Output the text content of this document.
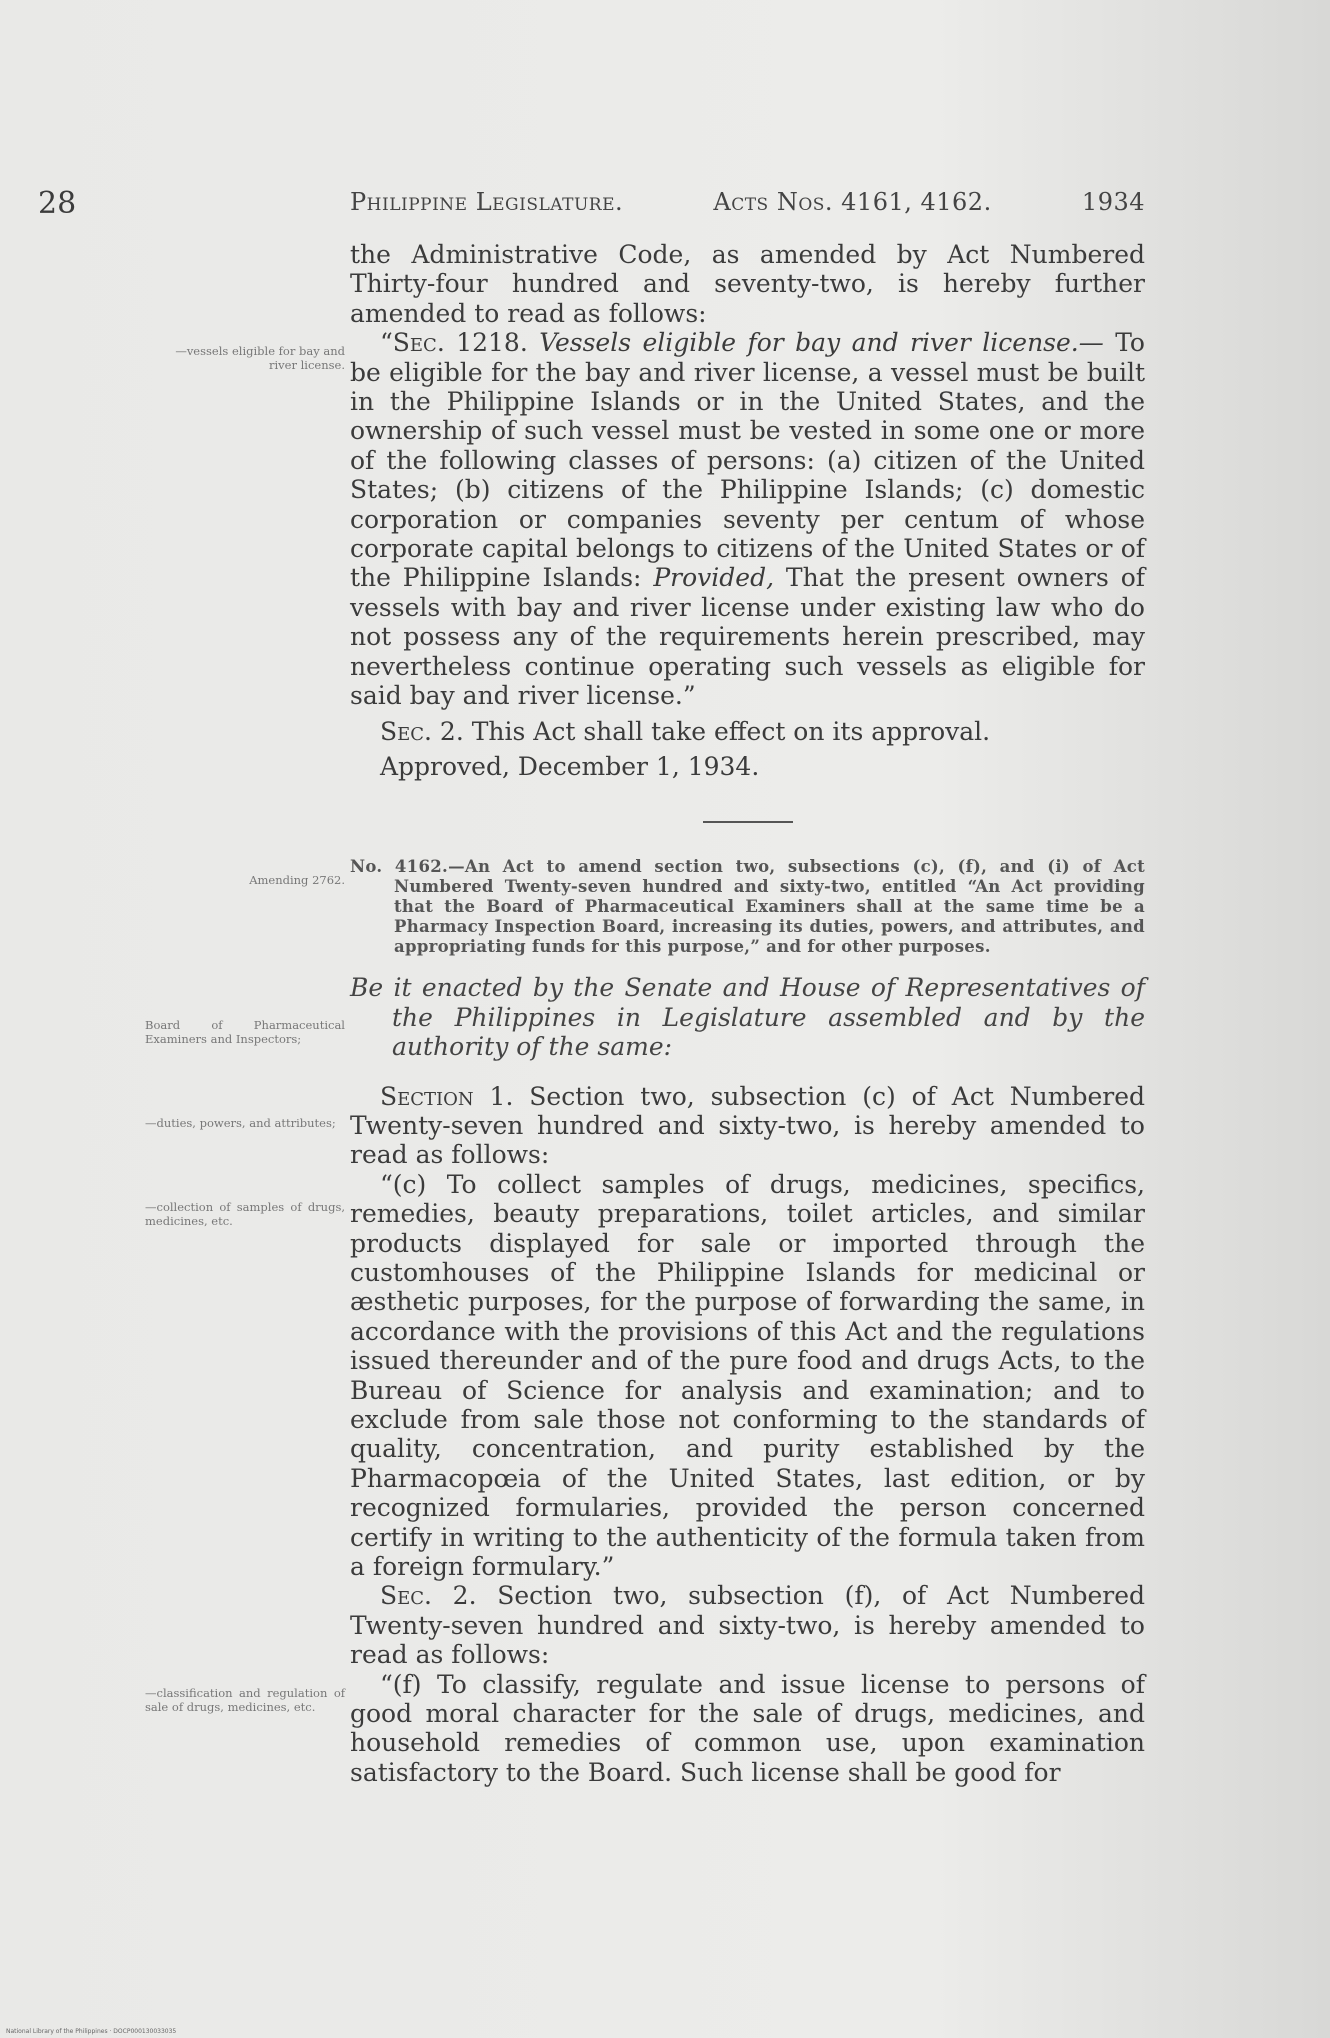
28	Philippine Legislature.	Acts Nos. 4161, 4162.	1934
—vessels eligible for bay and river license.
Amending 2762.
Board of Pharmaceutical Examiners and Inspectors;
—duties, powers, and attributes;
—collection of samples of drugs, medicines, etc.
—classification and regulation of sale of drugs, medicines, etc.

the Administrative Code, as amended by Act Numbered Thirty-four hundred and seventy-two, is hereby further amended to read as follows:

“Sec. 1218. Vessels eligible for bay and river license.— To be eligible for the bay and river license, a vessel must be built in the Philippine Islands or in the United States, and the ownership of such vessel must be vested in some one or more of the following classes of persons: (a) citizen of the United States; (b) citizens of the Philippine Islands; (c) domestic corporation or companies seventy per centum of whose corporate capital belongs to citizens of the United States or of the Philippine Islands: Provided, That the present owners of vessels with bay and river license under existing law who do not possess any of the requirements herein prescribed, may nevertheless continue operating such vessels as eligible for said bay and river license.”

Sec. 2. This Act shall take effect on its approval.

Approved, December 1, 1934.

No. 4162.—An Act to amend section two, subsections (c), (f), and (i) of Act Numbered Twenty-seven hundred and sixty-two, entitled “An Act providing that the Board of Pharmaceutical Examiners shall at the same time be a Pharmacy Inspection Board, increasing its duties, powers, and attributes, and appropriating funds for this purpose,” and for other purposes.

Be it enacted by the Senate and House of Representatives of the Philippines in Legislature assembled and by the authority of the same:

Section 1. Section two, subsection (c) of Act Numbered Twenty-seven hundred and sixty-two, is hereby amended to read as follows:

“(c) To collect samples of drugs, medicines, specifics, remedies, beauty preparations, toilet articles, and similar products displayed for sale or imported through the customhouses of the Philippine Islands for medicinal or æsthetic purposes, for the purpose of forwarding the same, in accordance with the provisions of this Act and the regulations issued thereunder and of the pure food and drugs Acts, to the Bureau of Science for analysis and examination; and to exclude from sale those not conforming to the standards of quality, concentration, and purity established by the Pharmacopœia of the United States, last edition, or by recognized formularies, provided the person concerned certify in writing to the authenticity of the formula taken from a foreign formulary.”

Sec. 2. Section two, subsection (f), of Act Numbered Twenty-seven hundred and sixty-two, is hereby amended to read as follows:

“(f) To classify, regulate and issue license to persons of good moral character for the sale of drugs, medicines, and household remedies of common use, upon examination satisfactory to the Board. Such license shall be good for

National Library of the Philippines · DOCP000130033035
